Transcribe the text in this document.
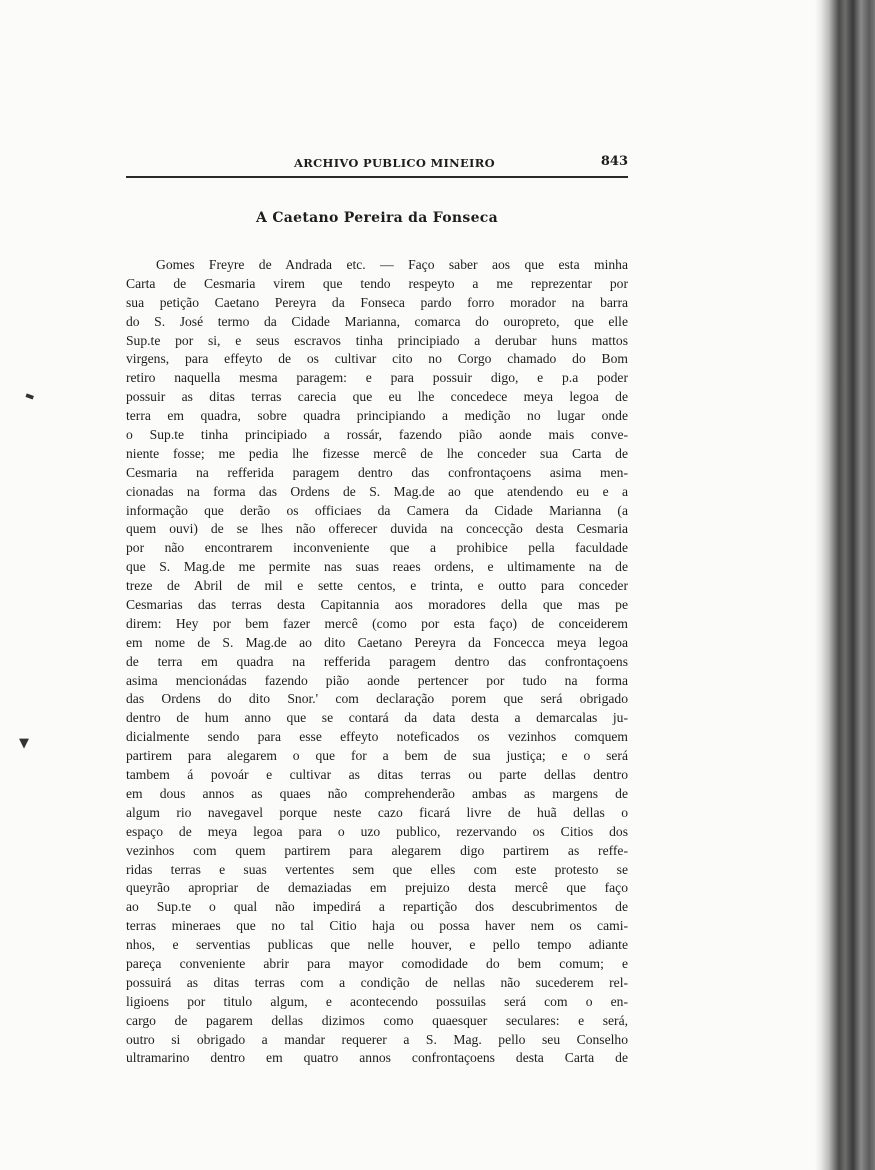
ARCHIVO PUBLICO MINEIRO	843
A Caetano Pereira da Fonseca
Gomes Freyre de Andrada etc. — Faço saber aos que esta minha
Carta de Cesmaria virem que tendo respeyto a me reprezentar por
sua petição Caetano Pereyra da Fonseca pardo forro morador na barra
do S. José termo da Cidade Marianna, comarca do ouropreto, que elle
Sup.te por si, e seus escravos tinha principiado a derubar huns mattos
virgens, para effeyto de os cultivar cito no Corgo chamado do Bom
retiro naquella mesma paragem: e para possuir digo, e p.a poder
possuir as ditas terras carecia que eu lhe concedece meya legoa de
terra em quadra, sobre quadra principiando a medição no lugar onde
o Sup.te tinha principiado a rossár, fazendo pião aonde mais conve-
niente fosse; me pedia lhe fizesse mercê de lhe conceder sua Carta de
Cesmaria na refferida paragem dentro das confrontaçoens asima men-
cionadas na forma das Ordens de S. Mag.de ao que atendendo eu e a
informação que derão os officiaes da Camera da Cidade Marianna (a
quem ouvi) de se lhes não offerecer duvida na concecção desta Cesmaria
por não encontrarem inconveniente que a prohibice pella faculdade
que S. Mag.de me permite nas suas reaes ordens, e ultimamente na de
treze de Abril de mil e sette centos, e trinta, e outto para conceder
Cesmarias das terras desta Capitannia aos moradores della que mas pe
direm: Hey por bem fazer mercê (como por esta faço) de conceiderem
em nome de S. Mag.de ao dito Caetano Pereyra da Foncecca meya legoa
de terra em quadra na refferida paragem dentro das confrontaçoens
asima mencionádas fazendo pião aonde pertencer por tudo na forma
das Ordens do dito Snor.' com declaração porem que será obrigado
dentro de hum anno que se contará da data desta a demarcalas ju-
dicialmente sendo para esse effeyto noteficados os vezinhos comquem
partirem para alegarem o que for a bem de sua justiça; e o será
tambem á povoár e cultivar as ditas terras ou parte dellas dentro
em dous annos as quaes não comprehenderão ambas as margens de
algum rio navegavel porque neste cazo ficará livre de huã dellas o
espaço de meya legoa para o uzo publico, rezervando os Citios dos
vezinhos com quem partirem para alegarem digo partirem as reffe-
ridas terras e suas vertentes sem que elles com este protesto se
queyrão apropriar de demaziadas em prejuizo desta mercê que faço
ao Sup.te o qual não impedirá a repartição dos descubrimentos de
terras mineraes que no tal Citio haja ou possa haver nem os cami-
nhos, e serventias publicas que nelle houver, e pello tempo adiante
pareça conveniente abrir para mayor comodidade do bem comum; e
possuirá as ditas terras com a condição de nellas não sucederem rel-
ligioens por titulo algum, e acontecendo possuilas será com o en-
cargo de pagarem dellas dizimos como quaesquer seculares: e será,
outro si obrigado a mandar requerer a S. Mag. pello seu Conselho
ultramarino dentro em quatro annos confrontaçoens desta Carta de
▬
▼
